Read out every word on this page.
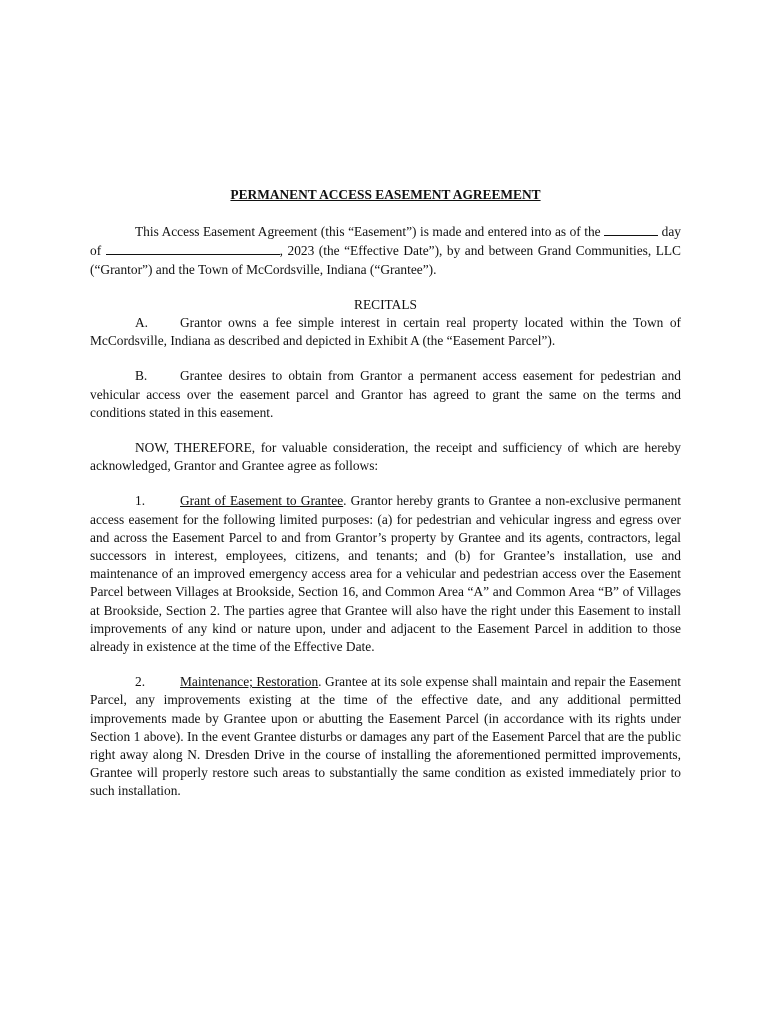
PERMANENT ACCESS EASEMENT AGREEMENT

This Access Easement Agreement (this “Easement”) is made and entered into as of the	day of	, 2023 (the “Effective Date”), by and between Grand Communities, LLC (“Grantor”) and the Town of McCordsville, Indiana (“Grantee”).

RECITALS

A. Grantor owns a fee simple interest in certain real property located within the Town of McCordsville, Indiana as described and depicted in Exhibit A (the “Easement Parcel”).

B. Grantee desires to obtain from Grantor a permanent access easement for pedestrian and vehicular access over the easement parcel and Grantor has agreed to grant the same on the terms and conditions stated in this easement.

NOW, THEREFORE, for valuable consideration, the receipt and sufficiency of which are hereby acknowledged, Grantor and Grantee agree as follows:

1.	Grant of Easement to Grantee. Grantor hereby grants to Grantee a non-exclusive permanent access easement for the following limited purposes: (a) for pedestrian and vehicular ingress and egress over and across the Easement Parcel to and from Grantor’s property by Grantee and its agents, contractors, legal successors in interest, employees, citizens, and tenants; and (b) for Grantee’s installation, use and maintenance of an improved emergency access area for a vehicular and pedestrian access over the Easement Parcel between Villages at Brookside, Section 16, and Common Area “A” and Common Area “B” of Villages at Brookside, Section 2. The parties agree that Grantee will also have the right under this Easement to install improvements of any kind or nature upon, under and adjacent to the Easement Parcel in addition to those already in existence at the time of the Effective Date.

2.	Maintenance; Restoration. Grantee at its sole expense shall maintain and repair the Easement Parcel, any improvements existing at the time of the effective date, and any additional permitted improvements made by Grantee upon or abutting the Easement Parcel (in accordance with its rights under Section 1 above). In the event Grantee disturbs or damages any part of the Easement Parcel that are the public right away along N. Dresden Drive in the course of installing the aforementioned permitted improvements, Grantee will properly restore such areas to substantially the same condition as existed immediately prior to such installation.
